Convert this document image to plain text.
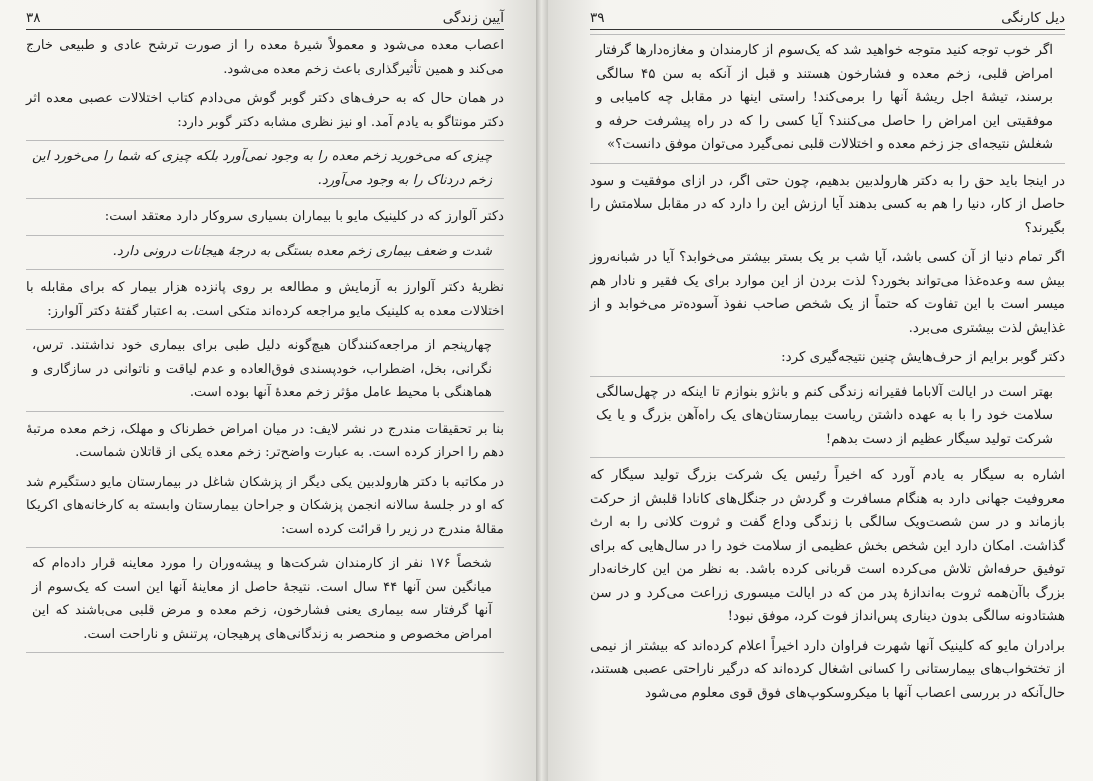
آیین زندگی
۳۸
اعصاب معده می‌شود و معمولاً شیرهٔ معده را از صورت ترشح عادی و طبیعی خارج می‌کند و همین تأثیرگذاری باعث زخم معده می‌شود.
در همان حال که به حرف‌های دکتر گوبر گوش می‌دادم کتاب اختلالات عصبی معده اثر دکتر مونتاگو به یادم آمد. او نیز نظری مشابه دکتر گوبر دارد:
چیزی که می‌خورید زخم معده را به وجود نمی‌آورد بلکه چیزی که شما را می‌خورد این زخم دردناک را به وجود می‌آورد.
دکتر آلوارز که در کلینیک مایو با بیماران بسیاری سروکار دارد معتقد است:
شدت و ضعف بیماری زخم معده بستگی به درجهٔ هیجانات درونی دارد.
نظریهٔ دکتر آلوارز به آزمایش و مطالعه بر روی پانزده هزار بیمار که برای مقابله با اختلالات معده به کلینیک مایو مراجعه کرده‌اند متکی است. به اعتبار گفتهٔ دکتر آلوارز:
چهارپنجم از مراجعه‌کنندگان هیچ‌گونه دلیل طبی برای بیماری خود نداشتند. ترس، نگرانی، بخل، اضطراب، خودپسندی فوق‌العاده و عدم لیاقت و ناتوانی در سازگاری و هماهنگی با محیط عامل مؤثر زخم معدهٔ آنها بوده است.
بنا بر تحقیقات مندرج در نشر لایف: در میان امراض خطرناک و مهلک، زخم معده مرتبهٔ دهم را احراز کرده است. به عبارت واضح‌تر: زخم معده یکی از قاتلان شماست.
در مکاتبه با دکتر هارولدبین یکی دیگر از پزشکان شاغل در بیمارستان مایو دستگیرم شد که او در جلسهٔ سالانه انجمن پزشکان و جراحان بیمارستان وابسته به کارخانه‌های اکریکا مقالهٔ مندرج در زیر را قرائت کرده است:
شخصاً ۱۷۶ نفر از کارمندان شرکت‌ها و پیشه‌وران را مورد معاینه قرار داده‌ام که میانگین سن آنها ۴۴ سال است. نتیجهٔ حاصل از معاینهٔ آنها این است که یک‌سوم از آنها گرفتار سه بیماری یعنی فشارخون، زخم معده و مرض قلبی می‌باشند که این امراض مخصوص و منحصر به زندگانی‌های پرهیجان، پرتنش و ناراحت است.
دیل کارنگی
۳۹
اگر خوب توجه کنید متوجه خواهید شد که یک‌سوم از کارمندان و مغازه‌دارها گرفتار امراض قلبی، زخم معده و فشارخون هستند و قبل از آنکه به سن ۴۵ سالگی برسند، تیشهٔ اجل ریشهٔ آنها را برمی‌کند! راستی اینها در مقابل چه کامیابی و موفقیتی این امراض را حاصل می‌کنند؟ آیا کسی را که در راه پیشرفت حرفه و شغلش نتیجه‌ای جز زخم معده و اختلالات قلبی نمی‌گیرد می‌توان موفق دانست؟»
در اینجا باید حق را به دکتر هارولدبین بدهیم، چون حتی اگر، در ازای موفقیت و سود حاصل از کار، دنیا را هم به کسی بدهند آیا ارزش این را دارد که در مقابل سلامتش را بگیرند؟
اگر تمام دنیا از آن کسی باشد، آیا شب بر یک بستر بیشتر می‌خوابد؟ آیا در شبانه‌روز بیش سه وعده‌غذا می‌تواند بخورد؟ لذت بردن از این موارد برای یک فقیر و نادار هم میسر است با این تفاوت که حتماً از یک شخص صاحب نفوذ آسوده‌تر می‌خوابد و از غذایش لذت بیشتری می‌برد.
دکتر گوبر برایم از حرف‌هایش چنین نتیجه‌گیری کرد:
بهتر است در ایالت آلاباما فقیرانه زندگی کنم و بانژو بنوازم تا اینکه در چهل‌سالگی سلامت خود را با به عهده داشتن ریاست بیمارستان‌های یک راه‌آهن بزرگ و یا یک شرکت تولید سیگار عظیم از دست بدهم!
اشاره به سیگار به یادم آورد که اخیراً رئیس یک شرکت بزرگ تولید سیگار که معروفیت جهانی دارد به هنگام مسافرت و گردش در جنگل‌های کانادا قلبش از حرکت بازماند و در سن شصت‌ویک سالگی با زندگی وداع گفت و ثروت کلانی را به ارث گذاشت. امکان دارد این شخص بخش عظیمی از سلامت خود را در سال‌هایی که برای توفیق حرفه‌اش تلاش می‌کرده است قربانی کرده باشد. به نظر من این کارخانه‌دار بزرگ باآن‌همه ثروت به‌اندازهٔ پدر من که در ایالت میسوری زراعت می‌کرد و در سن هشتادونه سالگی بدون دیناری پس‌انداز فوت کرد، موفق نبود!
برادران مایو که کلینیک آنها شهرت فراوان دارد اخیراً اعلام کرده‌اند که بیشتر از نیمی از تختخواب‌های بیمارستانی را کسانی اشغال کرده‌اند که درگیر ناراحتی عصبی هستند، حال‌آنکه در بررسی اعصاب آنها با میکروسکوپ‌های فوق قوی معلوم می‌شود
